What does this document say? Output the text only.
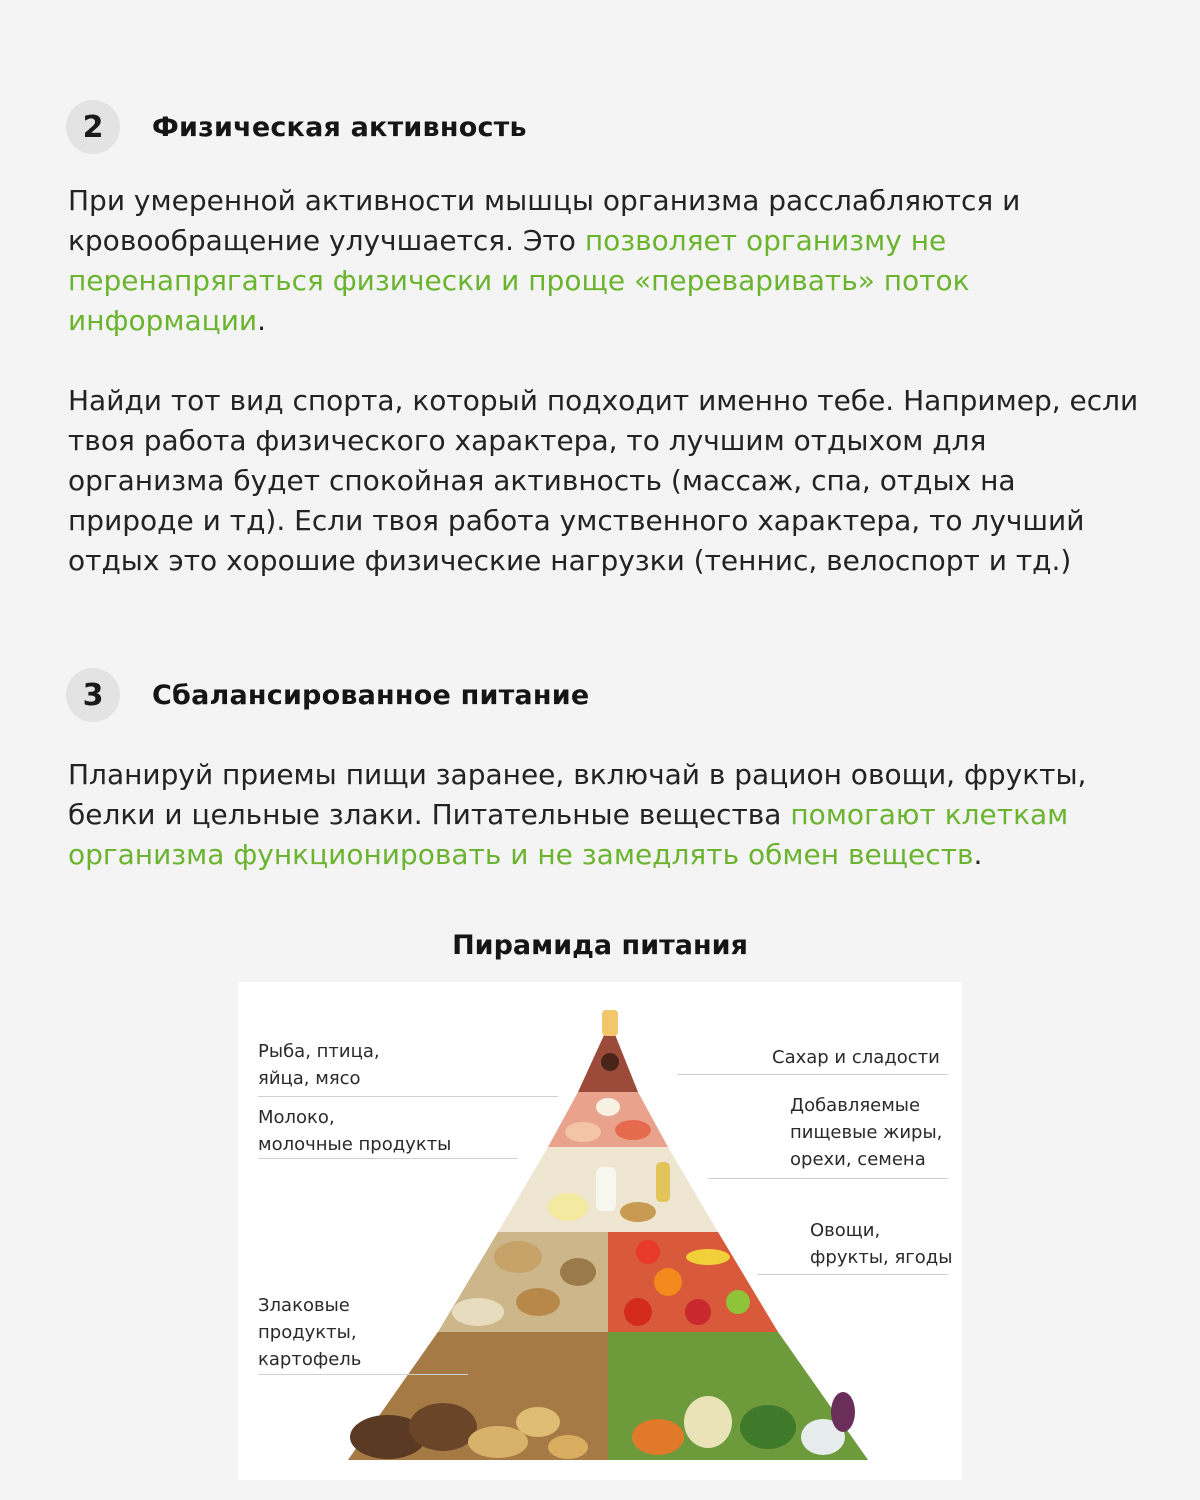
2	Физическая активность

При умеренной активности мышцы организма расслабляются и кровообращение улучшается. Это позволяет организму не перенапрягаться физически и проще «переваривать» поток информации.

Найди тот вид спорта, который подходит именно тебе. Например, если твоя работа физического характера, то лучшим отдыхом для организма будет спокойная активность (массаж, спа, отдых на природе и тд). Если твоя работа умственного характера, то лучший отдых это хорошие физические нагрузки (теннис, велоспорт и тд.)

3	Сбалансированное питание

Планируй приемы пищи заранее, включай в рацион овощи, фрукты, белки и цельные злаки. Питательные вещества помогают клеткам организма функционировать и не замедлять обмен веществ.

Пирамида питания
Рыба, птица,
яйца, мясо
Молоко,
молочные продукты
Злаковые
продукты,
картофель
Сахар и сладости
Добавляемые
пищевые жиры,
орехи, семена
Овощи,
фрукты, ягоды
